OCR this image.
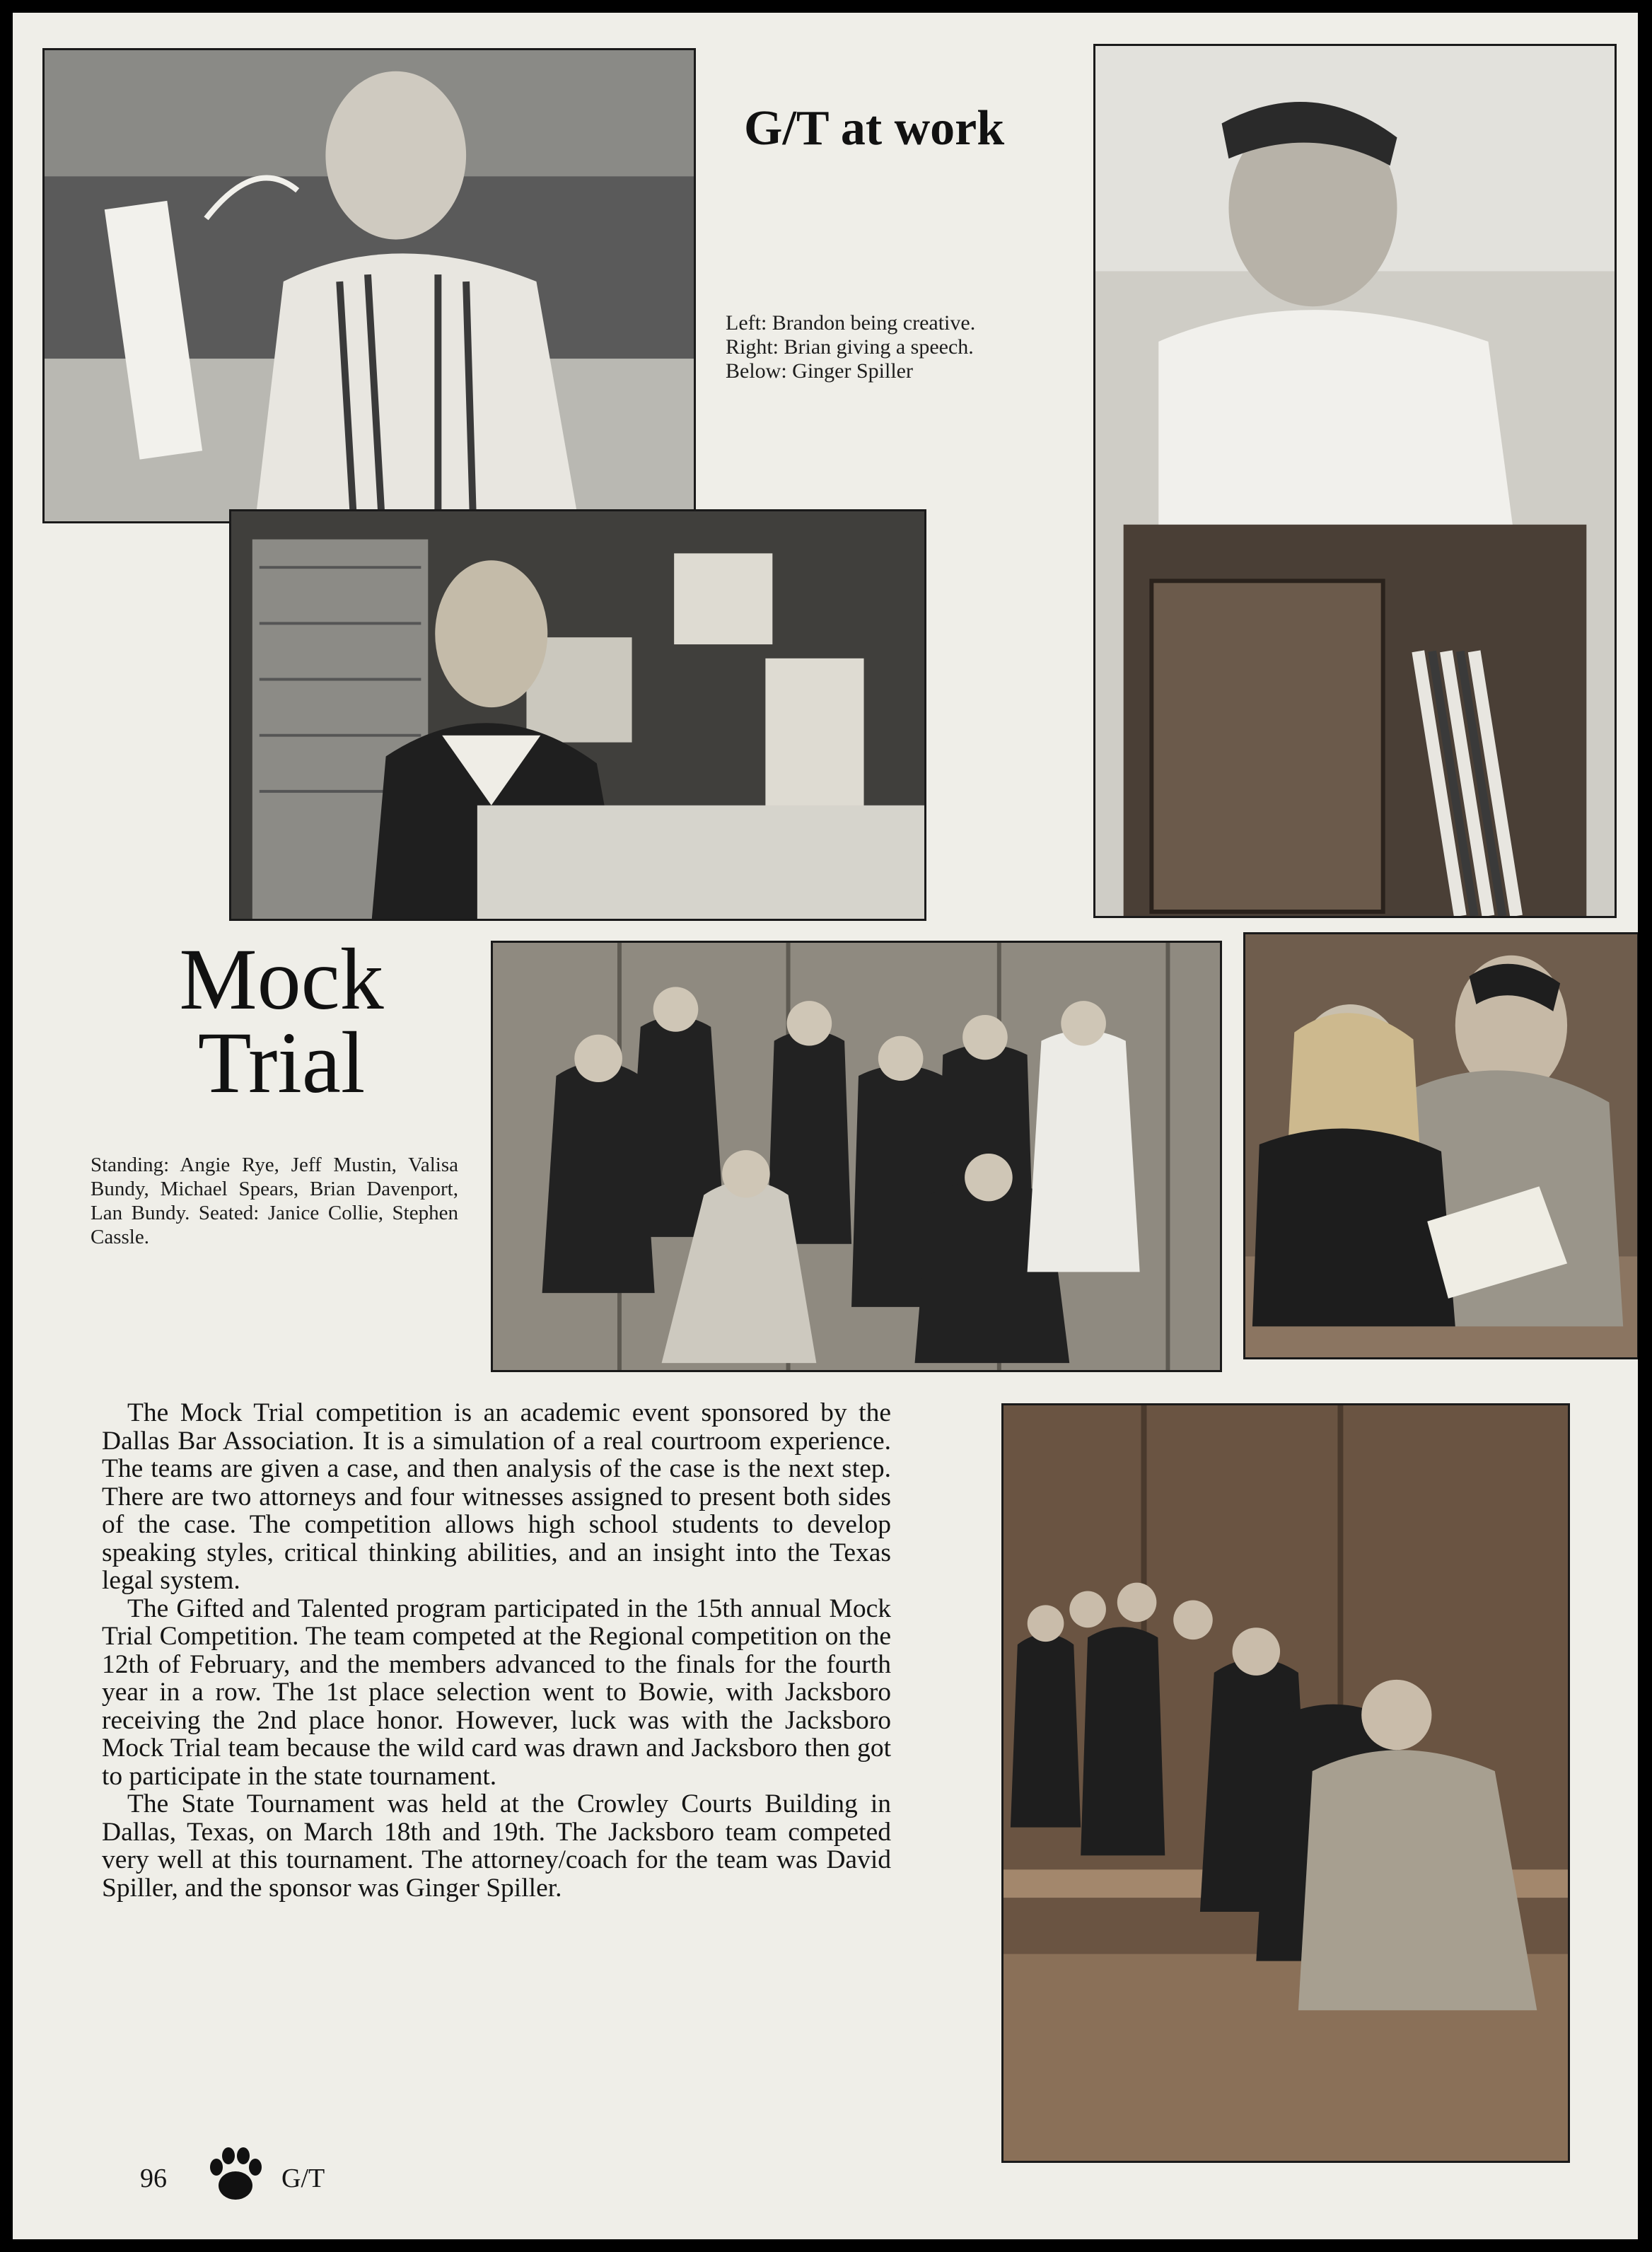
G/T at work
Left: Brandon being creative.
Right: Brian giving a speech.
Below: Ginger Spiller
Mock
Trial

Standing: Angie Rye, Jeff Mustin, Valisa Bundy, Michael Spears, Brian Davenport, Lan Bundy. Seated: Janice Collie, Stephen Cassle.

The Mock Trial competition is an academic event sponsored by the Dallas Bar Association. It is a simulation of a real courtroom experience. The teams are given a case, and then analysis of the case is the next step. There are two attorneys and four witnesses assigned to present both sides of the case. The competition allows high school students to develop speaking styles, critical thinking abilities, and an insight into the Texas legal system.

The Gifted and Talented program participated in the 15th annual Mock Trial Competition. The team competed at the Regional competition on the 12th of February, and the members advanced to the finals for the fourth year in a row. The 1st place selection went to Bowie, with Jacksboro receiving the 2nd place honor. However, luck was with the Jacksboro Mock Trial team because the wild card was drawn and Jacksboro then got to participate in the state tournament.

The State Tournament was held at the Crowley Courts Building in Dallas, Texas, on March 18th and 19th. The Jacksboro team competed very well at this tournament. The attorney/coach for the team was David Spiller, and the sponsor was Ginger Spiller.

96	G/T
